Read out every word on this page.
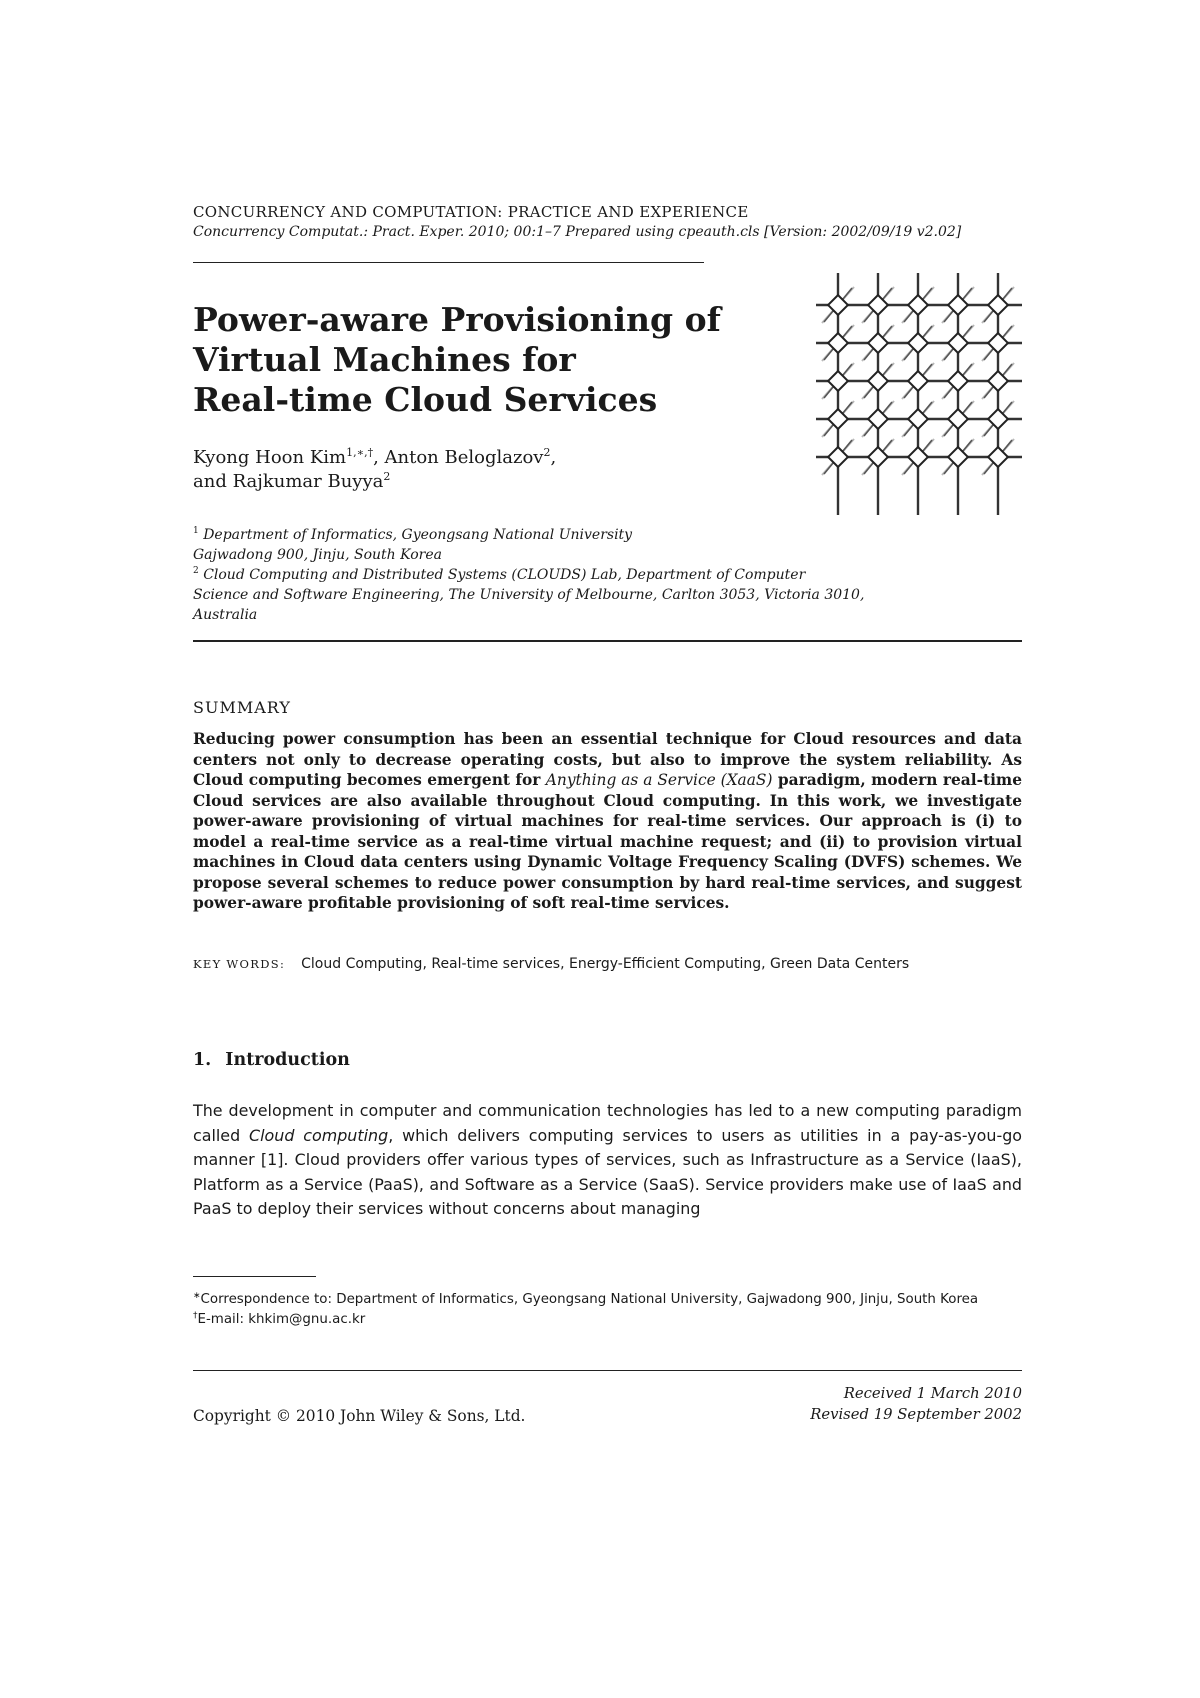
CONCURRENCY AND COMPUTATION: PRACTICE AND EXPERIENCE
Concurrency Computat.: Pract. Exper. 2010; 00:1–7 Prepared using cpeauth.cls [Version: 2002/09/19 v2.02]
Power-aware Provisioning of
Virtual Machines for
Real-time Cloud Services
Kyong Hoon Kim$^{1,∗,\dagger}$, Anton Beloglazov$^2$,
and Rajkumar Buyya$^2$
$^1$ Department of Informatics, Gyeongsang National University
Gajwadong 900, Jinju, South Korea
$^2$ Cloud Computing and Distributed Systems (CLOUDS) Lab, Department of Computer
Science and Software Engineering, The University of Melbourne, Carlton 3053, Victoria 3010,
Australia
SUMMARY
Reducing power consumption has been an essential technique for Cloud resources and data centers not only to decrease operating costs, but also to improve the system reliability. As Cloud computing becomes emergent for Anything as a Service (XaaS) paradigm, modern real-time Cloud services are also available throughout Cloud computing. In this work, we investigate power-aware provisioning of virtual machines for real-time services. Our approach is (i) to model a real-time service as a real-time virtual machine request; and (ii) to provision virtual machines in Cloud data centers using Dynamic Voltage Frequency Scaling (DVFS) schemes. We propose several schemes to reduce power consumption by hard real-time services, and suggest power-aware profitable provisioning of soft real-time services.
KEY WORDS: Cloud Computing, Real-time services, Energy-Efficient Computing, Green Data Centers
1. Introduction
The development in computer and communication technologies has led to a new computing paradigm called Cloud computing, which delivers computing services to users as utilities in a pay-as-you-go manner [1]. Cloud providers offer various types of services, such as Infrastructure as a Service (IaaS), Platform as a Service (PaaS), and Software as a Service (SaaS). Service providers make use of IaaS and PaaS to deploy their services without concerns about managing
∗Correspondence to: Department of Informatics, Gyeongsang National University, Gajwadong 900, Jinju, South Korea
†E-mail: khkim@gnu.ac.kr
Copyright © 2010 John Wiley & Sons, Ltd.
Received 1 March 2010
Revised 19 September 2002
